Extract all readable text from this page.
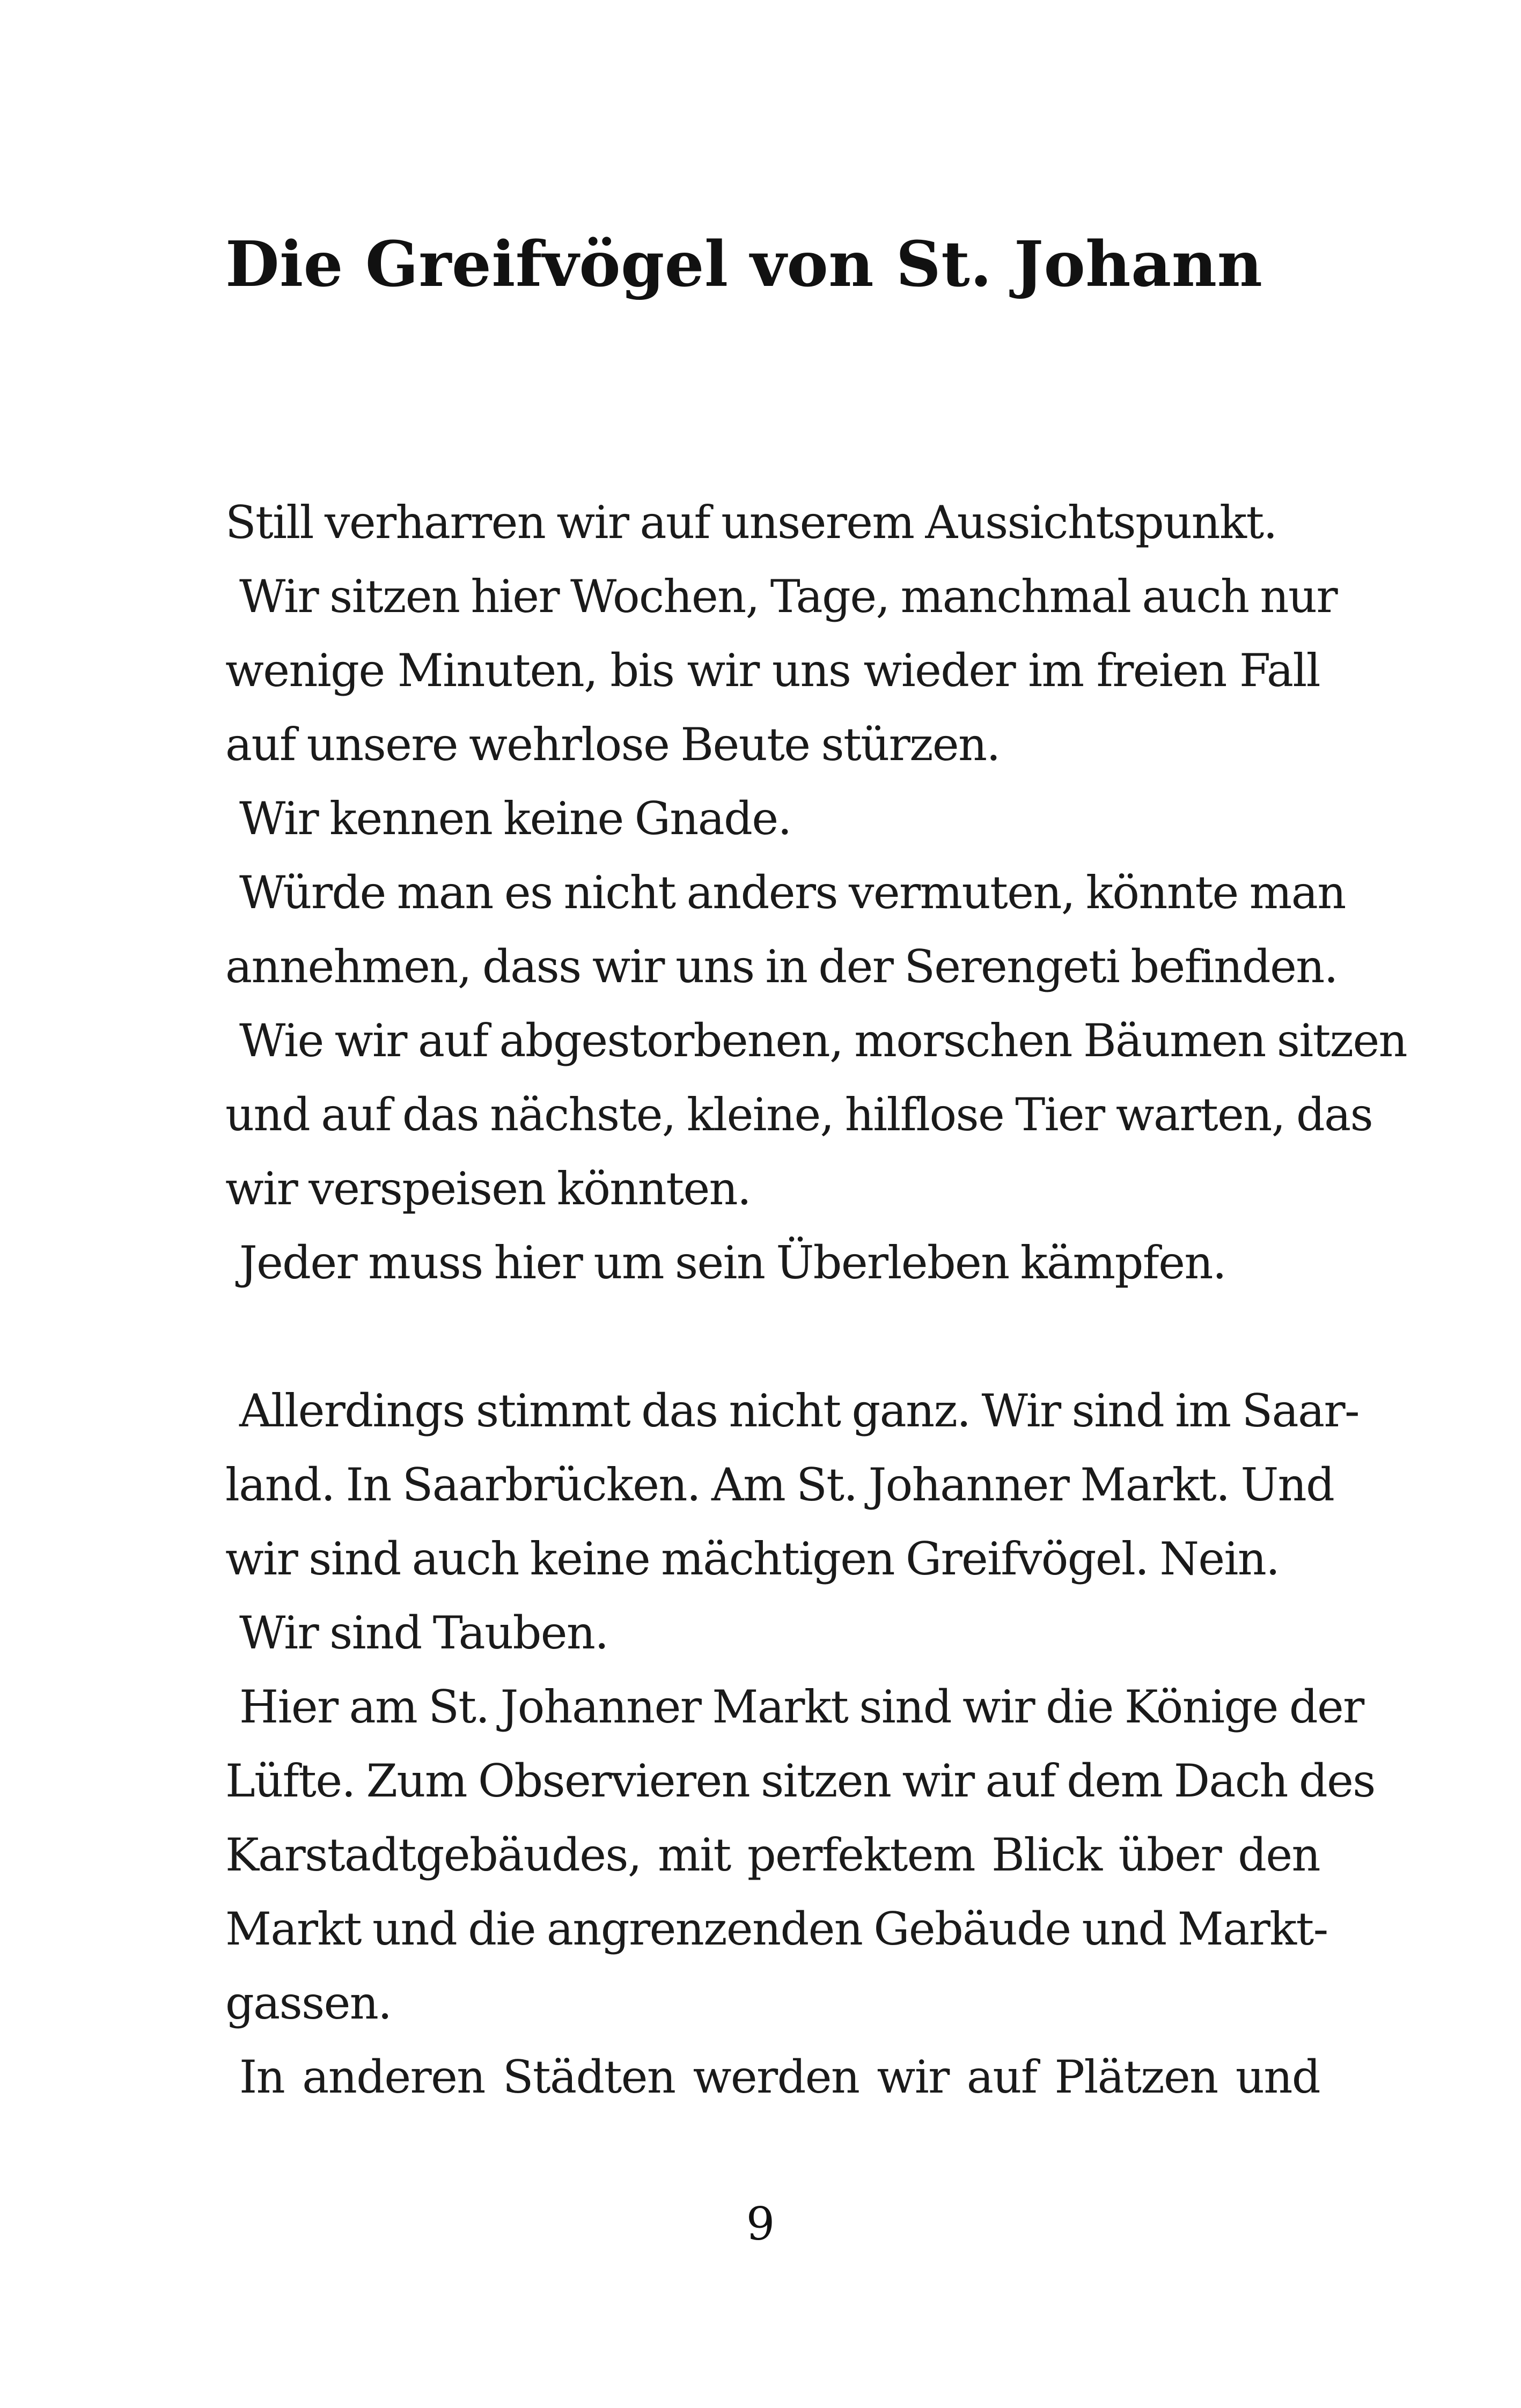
Die Greifvögel von St. Johann
Still verharren wir auf unserem Aussichtspunkt.
Wir sitzen hier Wochen, Tage, manchmal auch nur
wenige Minuten, bis wir uns wieder im freien Fall
auf unsere wehrlose Beute stürzen.
Wir kennen keine Gnade.
Würde man es nicht anders vermuten, könnte man
annehmen, dass wir uns in der Serengeti befinden.
Wie wir auf abgestorbenen, morschen Bäumen sitzen
und auf das nächste, kleine, hilflose Tier warten, das
wir verspeisen könnten.
Jeder muss hier um sein Überleben kämpfen.
Allerdings stimmt das nicht ganz. Wir sind im Saar-
land. In Saarbrücken. Am St. Johanner Markt. Und
wir sind auch keine mächtigen Greifvögel. Nein.
Wir sind Tauben.
Hier am St. Johanner Markt sind wir die Könige der
Lüfte. Zum Observieren sitzen wir auf dem Dach des
Karstadtgebäudes, mit perfektem Blick über den
Markt und die angrenzenden Gebäude und Markt-
gassen.
In anderen Städten werden wir auf Plätzen und
9
